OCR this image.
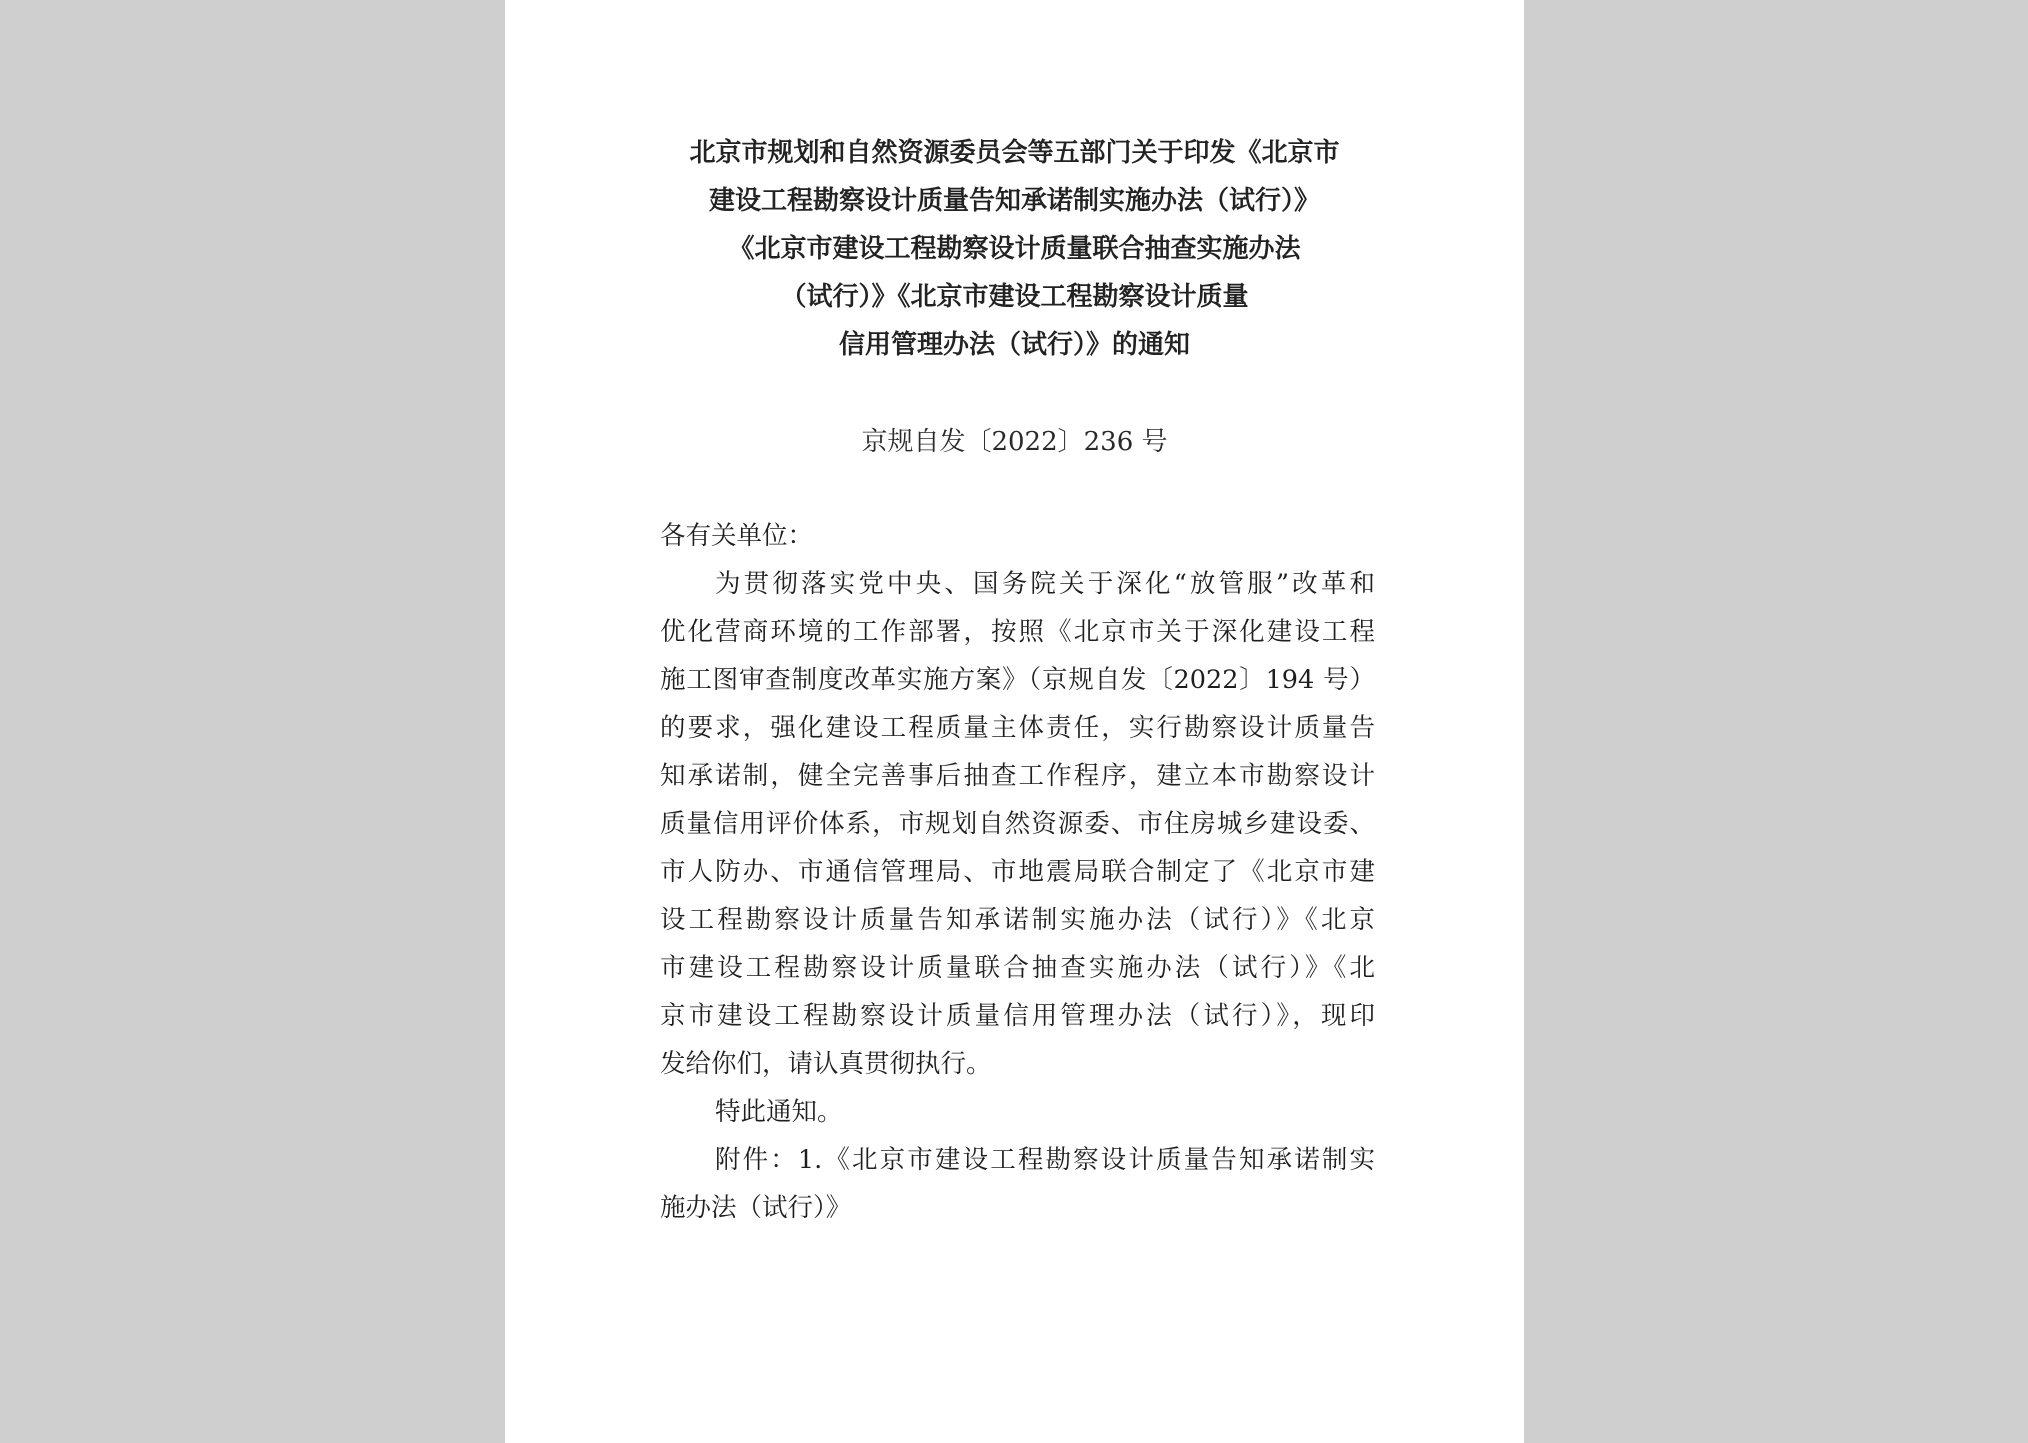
北京市规划和自然资源委员会等五部门关于印发《北京市
建设工程勘察设计质量告知承诺制实施办法（试行）》
《北京市建设工程勘察设计质量联合抽查实施办法
（试行）》《北京市建设工程勘察设计质量
信用管理办法（试行）》的通知
京规自发〔2022〕236 号
各有关单位：
为贯彻落实党中央、国务院关于深化“放管服”改革和
优化营商环境的工作部署，按照《北京市关于深化建设工程
施工图审查制度改革实施方案》（京规自发〔2022〕194 号）
的要求，强化建设工程质量主体责任，实行勘察设计质量告
知承诺制，健全完善事后抽查工作程序，建立本市勘察设计
质量信用评价体系，市规划自然资源委、市住房城乡建设委、
市人防办、市通信管理局、市地震局联合制定了《北京市建
设工程勘察设计质量告知承诺制实施办法（试行）》《北京
市建设工程勘察设计质量联合抽查实施办法（试行）》《北
京市建设工程勘察设计质量信用管理办法（试行）》，现印
发给你们，请认真贯彻执行。
特此通知。
附件：1.《北京市建设工程勘察设计质量告知承诺制实
施办法（试行）》
